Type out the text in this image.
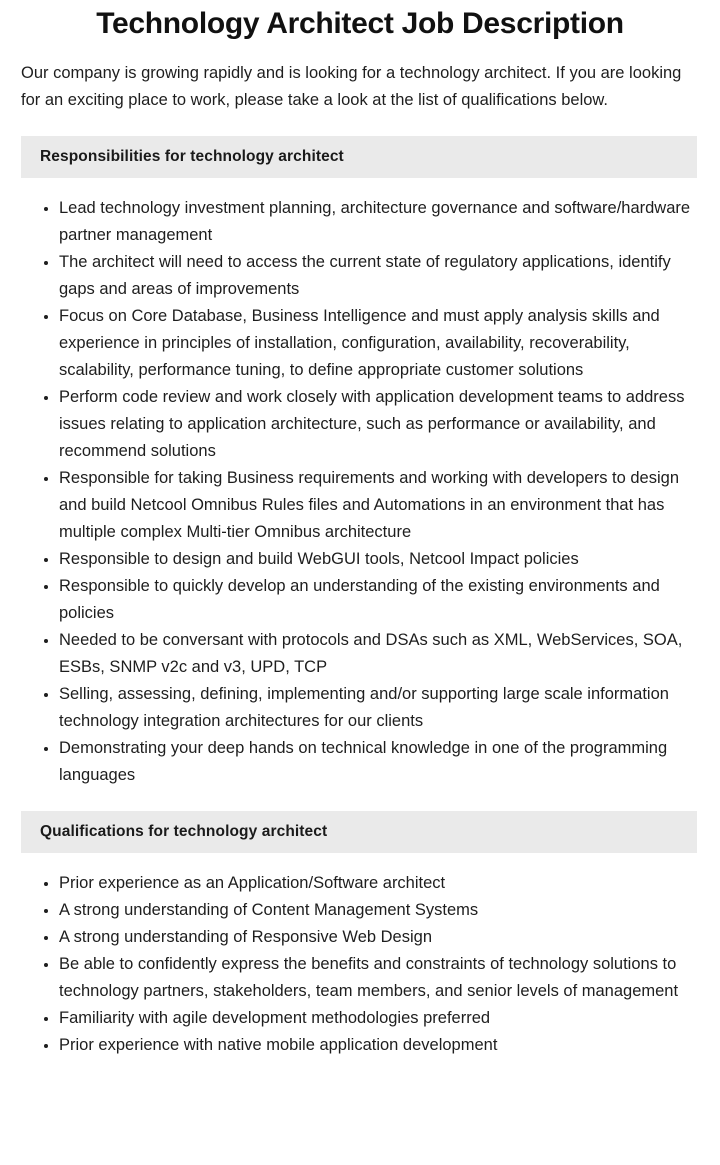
Technology Architect Job Description

Our company is growing rapidly and is looking for a technology architect. If you are looking for an exciting place to work, please take a look at the list of qualifications below.

Responsibilities for technology architect
Lead technology investment planning, architecture governance and software/hardware partner management
The architect will need to access the current state of regulatory applications, identify gaps and areas of improvements
Focus on Core Database, Business Intelligence and must apply analysis skills and experience in principles of installation, configuration, availability, recoverability, scalability, performance tuning, to define appropriate customer solutions
Perform code review and work closely with application development teams to address issues relating to application architecture, such as performance or availability, and recommend solutions
Responsible for taking Business requirements and working with developers to design and build Netcool Omnibus Rules files and Automations in an environment that has multiple complex Multi-tier Omnibus architecture
Responsible to design and build WebGUI tools, Netcool Impact policies
Responsible to quickly develop an understanding of the existing environments and policies
Needed to be conversant with protocols and DSAs such as XML, WebServices, SOA, ESBs, SNMP v2c and v3, UPD, TCP
Selling, assessing, defining, implementing and/or supporting large scale information technology integration architectures for our clients
Demonstrating your deep hands on technical knowledge in one of the programming languages
Qualifications for technology architect
Prior experience as an Application/Software architect
A strong understanding of Content Management Systems
A strong understanding of Responsive Web Design
Be able to confidently express the benefits and constraints of technology solutions to technology partners, stakeholders, team members, and senior levels of management
Familiarity with agile development methodologies preferred
Prior experience with native mobile application development
